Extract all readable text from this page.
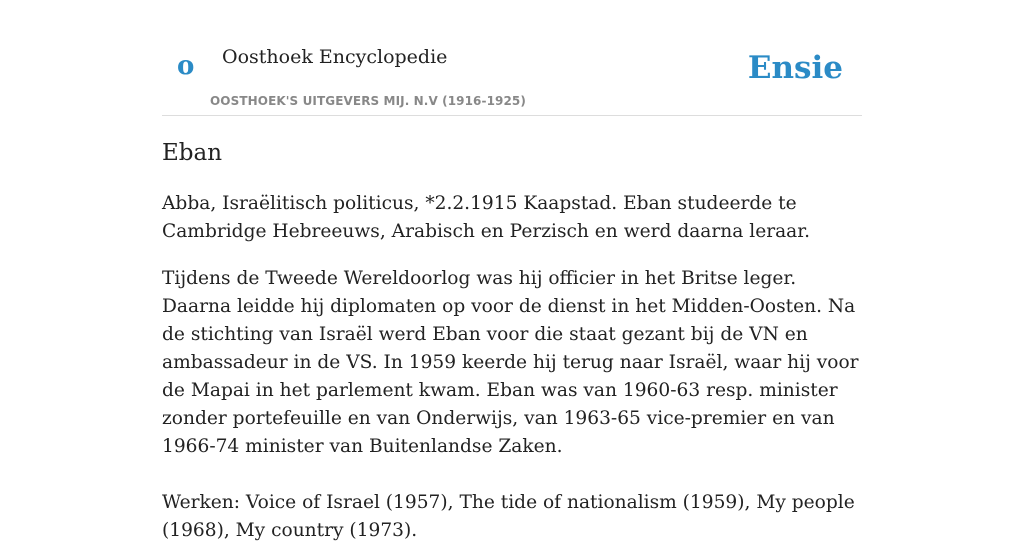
o Oosthoek Encyclopedie
OOSTHOEK'S UITGEVERS MIJ. N.V (1916-1925)
Ensie
Eban

Abba, Israëlitisch politicus, *2.2.1915 Kaapstad. Eban studeerde te Cambridge Hebreeuws, Arabisch en Perzisch en werd daarna leraar.

Tijdens de Tweede Wereldoorlog was hij officier in het Britse leger. Daarna leidde hij diplomaten op voor de dienst in het Midden-Oosten. Na de stichting van Israël werd Eban voor die staat gezant bij de VN en ambassadeur in de VS. In 1959 keerde hij terug naar Israël, waar hij voor de Mapai in het parlement kwam. Eban was van 1960-63 resp. minister zonder portefeuille en van Onderwijs, van 1963-65 vice-premier en van 1966-74 minister van Buitenlandse Zaken.

Werken: Voice of Israel (1957), The tide of nationalism (1959), My people (1968), My country (1973).
